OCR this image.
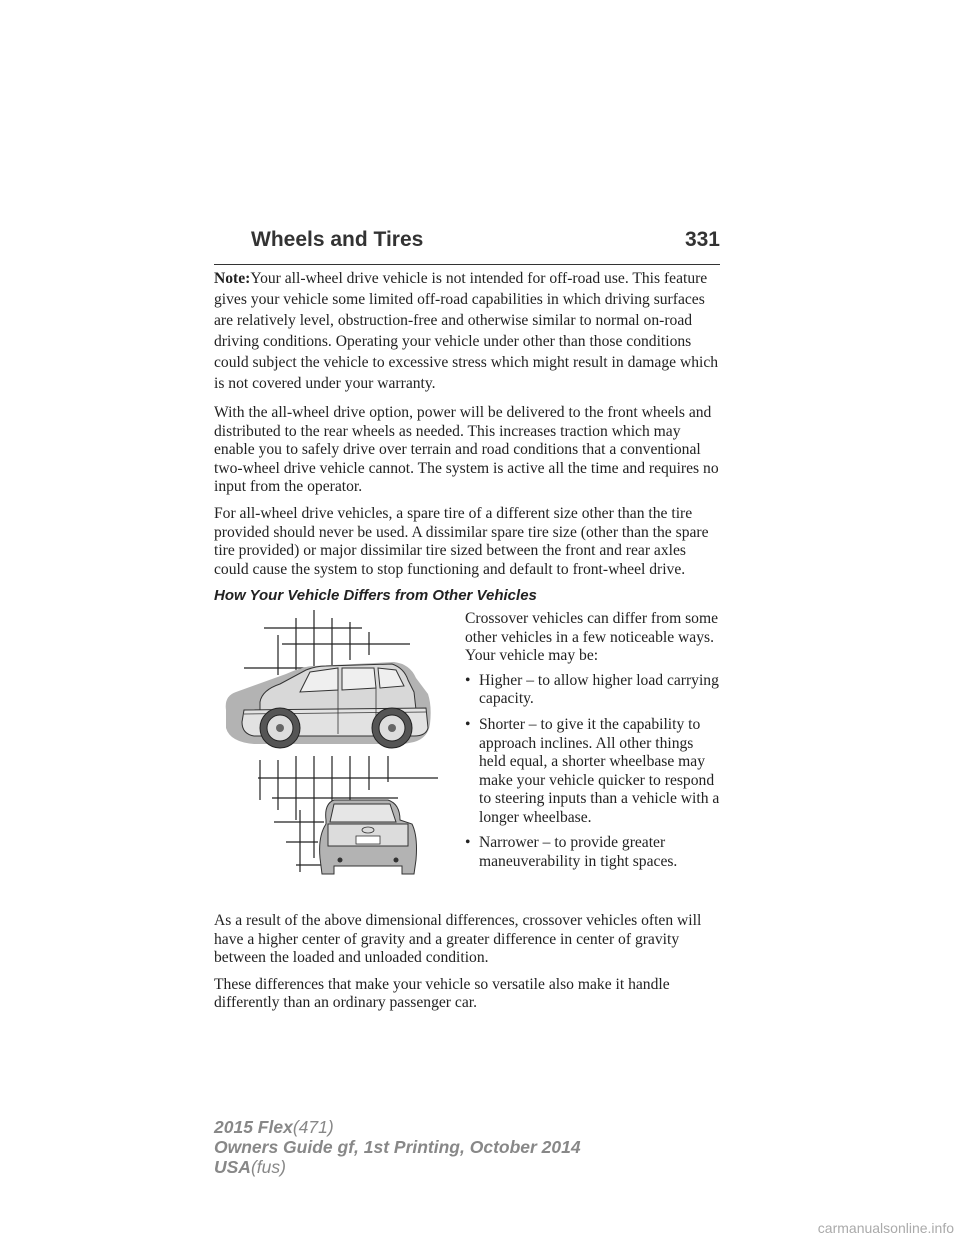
Wheels and Tires	331

Note:Your all-wheel drive vehicle is not intended for off-road use. This feature gives your vehicle some limited off-road capabilities in which driving surfaces are relatively level, obstruction-free and otherwise similar to normal on-road driving conditions. Operating your vehicle under other than those conditions could subject the vehicle to excessive stress which might result in damage which is not covered under your warranty.

With the all-wheel drive option, power will be delivered to the front wheels and distributed to the rear wheels as needed. This increases traction which may enable you to safely drive over terrain and road conditions that a conventional two-wheel drive vehicle cannot. The system is active all the time and requires no input from the operator.

For all-wheel drive vehicles, a spare tire of a different size other than the tire provided should never be used. A dissimilar spare tire size (other than the spare tire provided) or major dissimilar tire sized between the front and rear axles could cause the system to stop functioning and default to front-wheel drive.

How Your Vehicle Differs from Other Vehicles

Crossover vehicles can differ from some other vehicles in a few noticeable ways. Your vehicle may be:

• Higher – to allow higher load carrying capacity.
• Shorter – to give it the capability to approach inclines. All other things held equal, a shorter wheelbase may make your vehicle quicker to respond to steering inputs than a vehicle with a longer wheelbase.
• Narrower – to provide greater maneuverability in tight spaces.

As a result of the above dimensional differences, crossover vehicles often will have a higher center of gravity and a greater difference in center of gravity between the loaded and unloaded condition.

These differences that make your vehicle so versatile also make it handle differently than an ordinary passenger car.

2015 Flex(471)
Owners Guide gf, 1st Printing, October 2014
USA(fus)
carmanualsonline.info
